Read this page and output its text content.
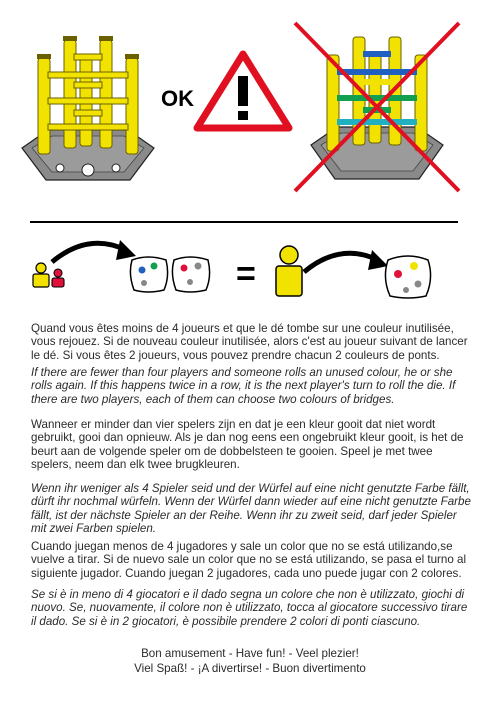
OK
=

Quand vous êtes moins de 4 joueurs et que le dé tombe sur une couleur inutilisée, vous rejouez. Si de nouveau couleur inutilisée, alors c'est au joueur suivant de lancer le dé. Si vous êtes 2 joueurs, vous pouvez prendre chacun 2 couleurs de ponts.

If there are fewer than four players and someone rolls an unused colour, he or she rolls again. If this happens twice in a row, it is the next player's turn to roll the die. If there are two players, each of them can choose two colours of bridges.

Wanneer er minder dan vier spelers zijn en dat je een kleur gooit dat niet wordt gebruikt, gooi dan opnieuw. Als je dan nog eens een ongebruikt kleur gooit, is het de beurt aan de volgende speler om de dobbelsteen te gooien. Speel je met twee spelers, neem dan elk twee brugkleuren.

Wenn ihr weniger als 4 Spieler seid und der Würfel auf eine nicht genutzte Farbe fällt, dürft ihr nochmal würfeln. Wenn der Würfel dann wieder auf eine nicht genutzte Farbe fällt, ist der nächste Spieler an der Reihe. Wenn ihr zu zweit seid, darf jeder Spieler mit zwei Farben spielen.

Cuando juegan menos de 4 jugadores y sale un color que no se está utilizando,se vuelve a tirar. Si de nuevo sale un color que no se está utilizando, se pasa el turno al siguiente jugador. Cuando juegan 2 jugadores, cada uno puede jugar con 2 colores.

Se si è in meno di 4 giocatori e il dado segna un colore che non è utilizzato, giochi di nuovo. Se, nuovamente, il colore non è utilizzato, tocca al giocatore successivo tirare il dado. Se si è in 2 giocatori, è possibile prendere 2 colori di ponti ciascuno.

Bon amusement - Have fun! - Veel plezier!
Viel Spaß! - ¡A divertirse! - Buon divertimento
